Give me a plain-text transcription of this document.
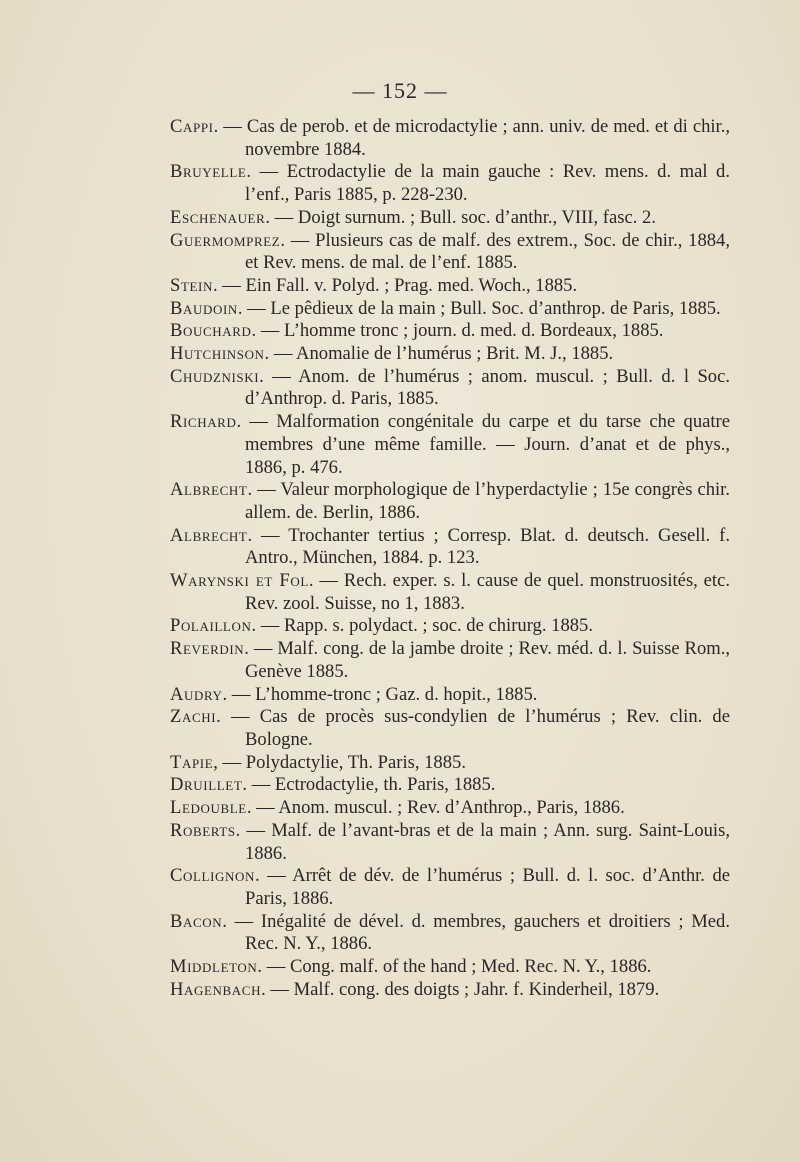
— 152 —
Cappi. — Cas de perob. et de microdactylie ; ann. univ. de med. et di chir., novembre 1884.
Bruyelle. — Ectrodactylie de la main gauche : Rev. mens. d. mal d. l’enf., Paris 1885, p. 228-230.
Eschenauer. — Doigt surnum. ; Bull. soc. d’anthr., VIII, fasc. 2.
Guermomprez. — Plusieurs cas de malf. des extrem., Soc. de chir., 1884, et Rev. mens. de mal. de l’enf. 1885.
Stein. — Ein Fall. v. Polyd. ; Prag. med. Woch., 1885.
Baudoin. — Le pêdieux de la main ; Bull. Soc. d’anthrop. de Paris, 1885.
Bouchard. — L’homme tronc ; journ. d. med. d. Bordeaux, 1885.
Hutchinson. — Anomalie de l’humérus ; Brit. M. J., 1885.
Chudzniski. — Anom. de l’humérus ; anom. muscul. ; Bull. d. l Soc. d’Anthrop. d. Paris, 1885.
Richard. — Malformation congénitale du carpe et du tarse che quatre membres d’une même famille. — Journ. d’anat et de phys., 1886, p. 476.
Albrecht. — Valeur morphologique de l’hyperdactylie ; 15e congrès chir. allem. de. Berlin, 1886.
Albrecht. — Trochanter tertius ; Corresp. Blat. d. deutsch. Gesell. f. Antro., München, 1884. p. 123.
Warynski et Fol. — Rech. exper. s. l. cause de quel. monstruosités, etc. Rev. zool. Suisse, no 1, 1883.
Polaillon. — Rapp. s. polydact. ; soc. de chirurg. 1885.
Reverdin. — Malf. cong. de la jambe droite ; Rev. méd. d. l. Suisse Rom., Genève 1885.
Audry. — L’homme-tronc ; Gaz. d. hopit., 1885.
Zachi. — Cas de procès sus-condylien de l’humérus ; Rev. clin. de Bologne.
Tapie, — Polydactylie, Th. Paris, 1885.
Druillet. — Ectrodactylie, th. Paris, 1885.
Ledouble. — Anom. muscul. ; Rev. d’Anthrop., Paris, 1886.
Roberts. — Malf. de l’avant-bras et de la main ; Ann. surg. Saint-Louis, 1886.
Collignon. — Arrêt de dév. de l’humérus ; Bull. d. l. soc. d’Anthr. de Paris, 1886.
Bacon. — Inégalité de dével. d. membres, gauchers et droitiers ; Med. Rec. N. Y., 1886.
Middleton. — Cong. malf. of the hand ; Med. Rec. N. Y., 1886.
Hagenbach. — Malf. cong. des doigts ; Jahr. f. Kinderheil, 1879.
